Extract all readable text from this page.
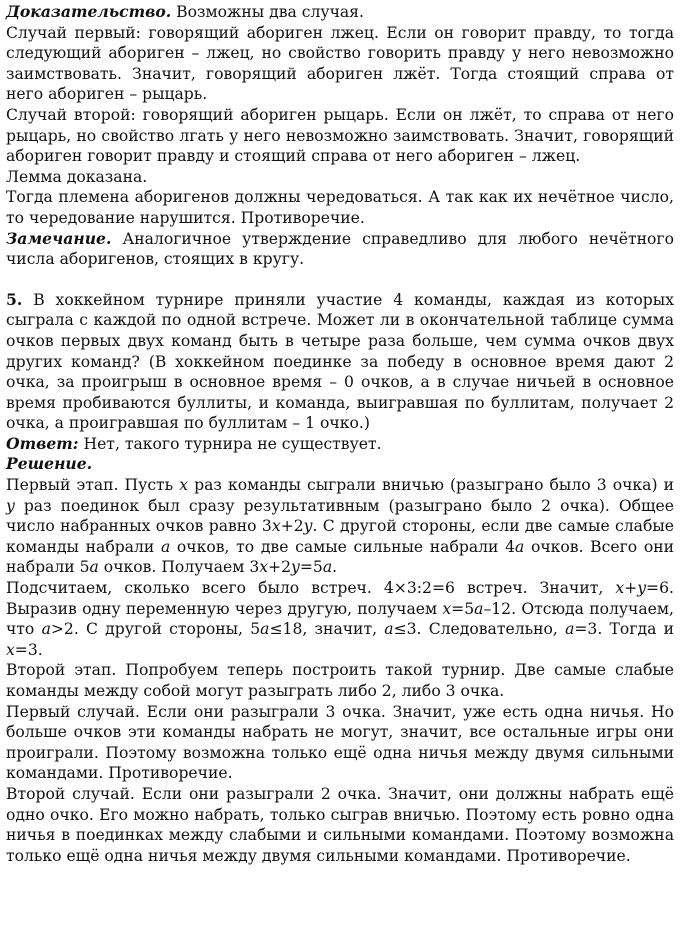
Доказательство. Возможны два случая.

Случай первый: говорящий абориген лжец. Если он говорит правду, то тогда следующий абориген – лжец, но свойство говорить правду у него невозможно заимствовать. Значит, говорящий абориген лжёт. Тогда стоящий справа от него абориген – рыцарь.

Случай второй: говорящий абориген рыцарь. Если он лжёт, то справа от него рыцарь, но свойство лгать у него невозможно заимствовать. Значит, говорящий абориген говорит правду и стоящий справа от него абориген – лжец.

Лемма доказана.

Тогда племена аборигенов должны чередоваться. А так как их нечётное число, то чередование нарушится. Противоречие.

Замечание. Аналогичное утверждение справедливо для любого нечётного числа аборигенов, стоящих в кругу.

5. В хоккейном турнире приняли участие 4 команды, каждая из которых сыграла с каждой по одной встрече. Может ли в окончательной таблице сумма очков первых двух команд быть в четыре раза больше, чем сумма очков двух других команд? (В хоккейном поединке за победу в основное время дают 2 очка, за проигрыш в основное время – 0 очков, а в случае ничьей в основное время пробиваются буллиты, и команда, выигравшая по буллитам, получает 2 очка, а проигравшая по буллитам – 1 очко.)

Ответ: Нет, такого турнира не существует.

Решение.

Первый этап. Пусть x раз команды сыграли вничью (разыграно было 3 очка) и y раз поединок был сразу результативным (разыграно было 2 очка). Общее число набранных очков равно 3x+2y. С другой стороны, если две самые слабые команды набрали a очков, то две самые сильные набрали 4a очков. Всего они набрали 5a очков. Получаем 3x+2y=5a.

Подсчитаем, сколько всего было встреч. 4×3:2=6 встреч. Значит, x+y=6. Выразив одну переменную через другую, получаем x=5a–12. Отсюда получаем, что a>2. С другой стороны, 5a≤18, значит, a≤3. Следовательно, a=3. Тогда и x=3.

Второй этап. Попробуем теперь построить такой турнир. Две самые слабые команды между собой могут разыграть либо 2, либо 3 очка.

Первый случай. Если они разыграли 3 очка. Значит, уже есть одна ничья. Но больше очков эти команды набрать не могут, значит, все остальные игры они проиграли. Поэтому возможна только ещё одна ничья между двумя сильными командами. Противоречие.

Второй случай. Если они разыграли 2 очка. Значит, они должны набрать ещё одно очко. Его можно набрать, только сыграв вничью. Поэтому есть ровно одна ничья в поединках между слабыми и сильными командами. Поэтому возможна только ещё одна ничья между двумя сильными командами. Противоречие.
